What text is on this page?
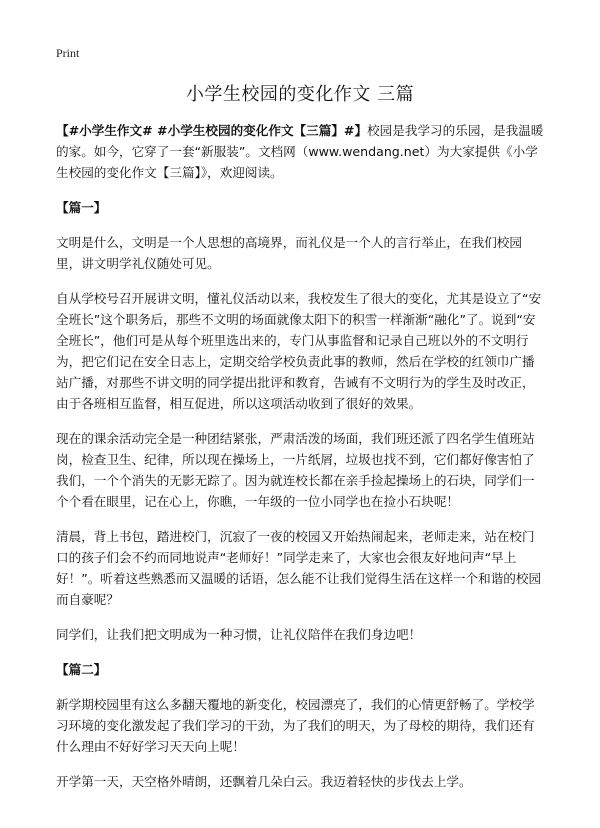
Print
小学生校园的变化作文 三篇

【#小学生作文# #小学生校园的变化作文【三篇】#】校园是我学习的乐园，是我温暖的家。如今，它穿了一套“新服装”。文档网（www.wendang.net）为大家提供《小学生校园的变化作文【三篇】》，欢迎阅读。

【篇一】

文明是什么，文明是一个人思想的高境界，而礼仪是一个人的言行举止，在我们校园里，讲文明学礼仪随处可见。

自从学校号召开展讲文明，懂礼仪活动以来，我校发生了很大的变化，尤其是设立了“安全班长”这个职务后，那些不文明的场面就像太阳下的积雪一样渐渐“融化”了。说到“安全班长”，他们可是从每个班里选出来的，专门从事监督和记录自己班以外的不文明行为，把它们记在安全日志上，定期交给学校负责此事的教师，然后在学校的红领巾广播站广播，对那些不讲文明的同学提出批评和教育，告诫有不文明行为的学生及时改正，由于各班相互监督，相互促进，所以这项活动收到了很好的效果。

现在的课余活动完全是一种团结紧张，严肃活泼的场面，我们班还派了四名学生值班站岗，检查卫生、纪律，所以现在操场上，一片纸屑，垃圾也找不到，它们都好像害怕了我们，一个个消失的无影无踪了。因为就连校长都在亲手捡起操场上的石块，同学们一个个看在眼里，记在心上，你瞧，一年级的一位小同学也在捡小石块呢！

清晨，背上书包，踏进校门，沉寂了一夜的校园又开始热闹起来，老师走来，站在校门口的孩子们会不约而同地说声“老师好！”同学走来了，大家也会很友好地问声“早上好！”。听着这些熟悉而又温暖的话语，怎么能不让我们觉得生活在这样一个和谐的校园而自豪呢？

同学们，让我们把文明成为一种习惯，让礼仪陪伴在我们身边吧！

【篇二】

新学期校园里有这么多翻天覆地的新变化，校园漂亮了，我们的心情更舒畅了。学校学习环境的变化激发起了我们学习的干劲，为了我们的明天，为了母校的期待，我们还有什么理由不好好学习天天向上呢！

开学第一天，天空格外晴朗，还飘着几朵白云。我迈着轻快的步伐去上学。
